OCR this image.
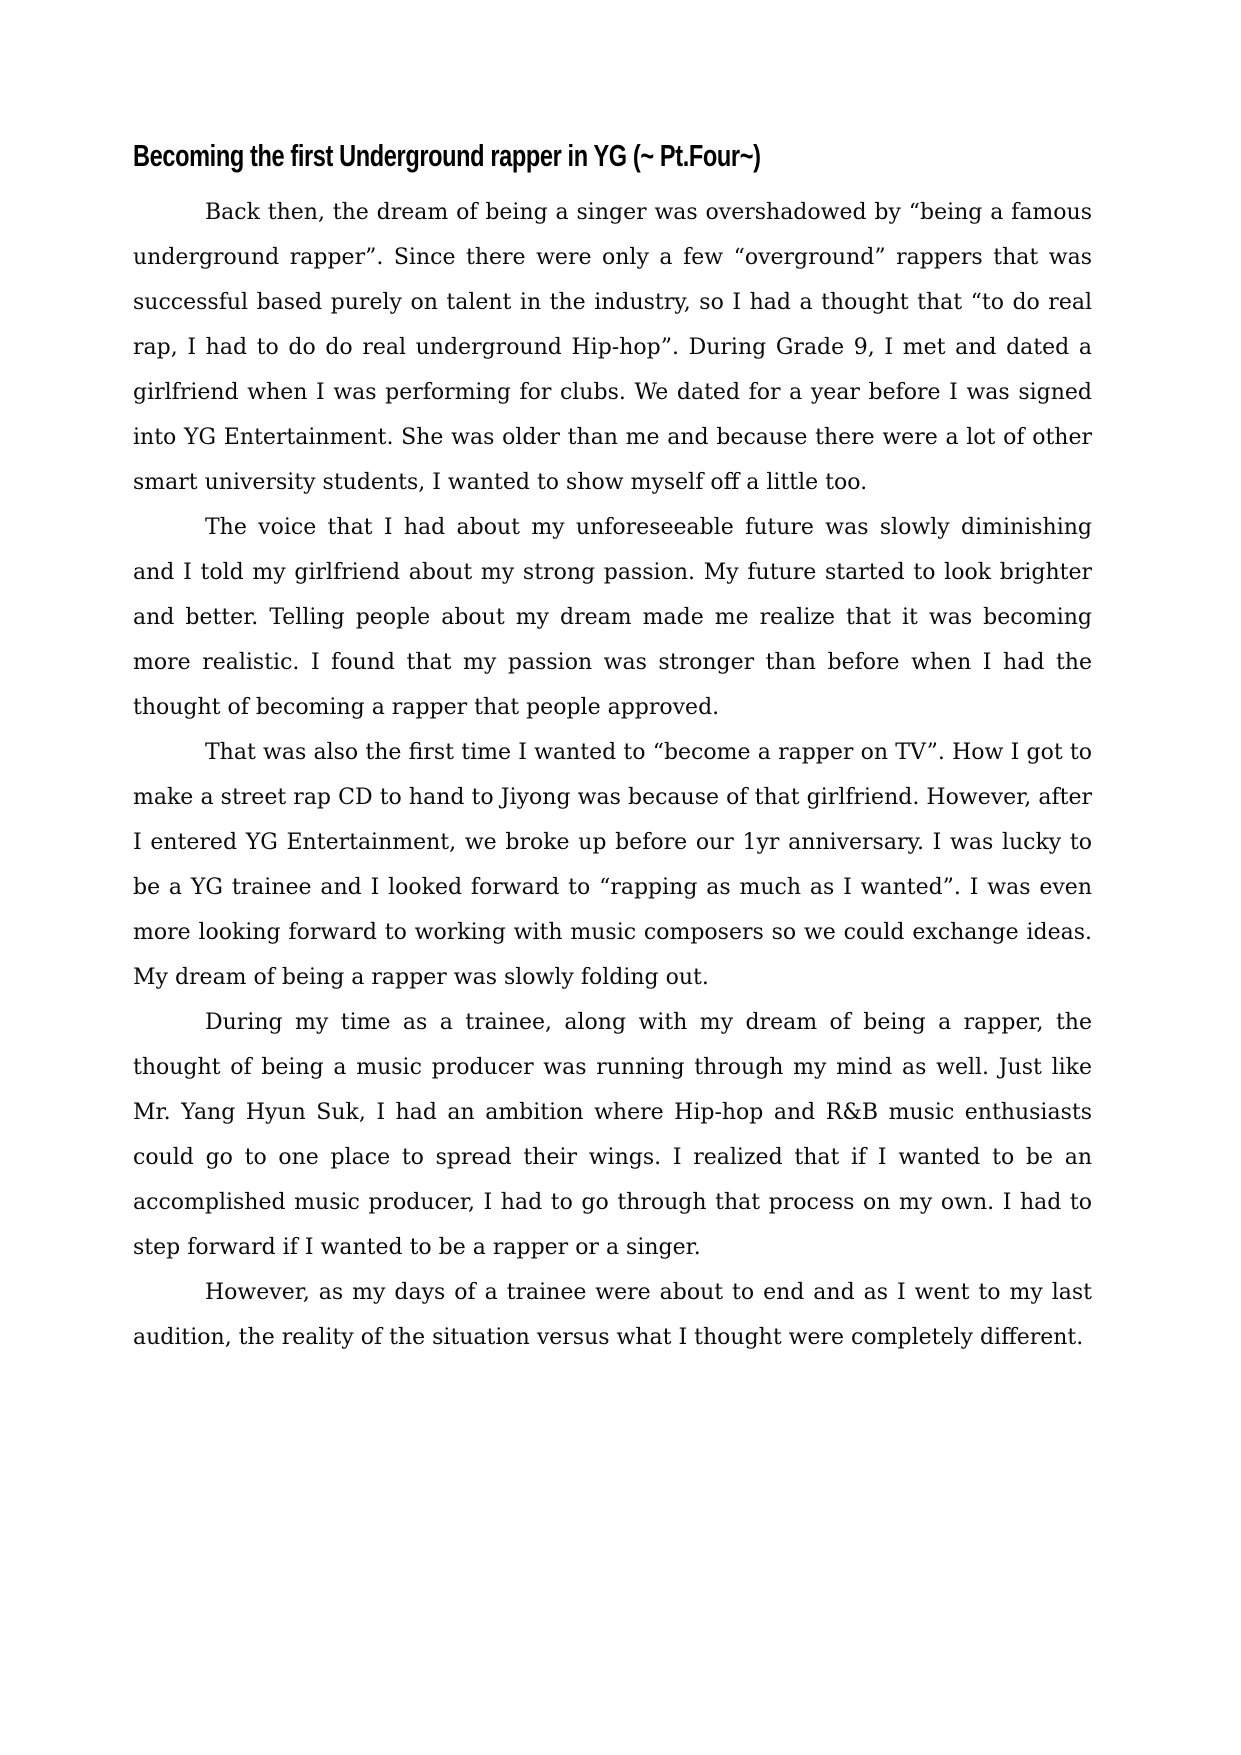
Becoming the first Underground rapper in YG (~ Pt.Four~)

Back then, the dream of being a singer was overshadowed by “being a famous underground rapper”. Since there were only a few “overground” rappers that was successful based purely on talent in the industry, so I had a thought that “to do real rap, I had to do do real underground Hip-hop”. During Grade 9, I met and dated a girlfriend when I was performing for clubs. We dated for a year before I was signed into YG Entertainment. She was older than me and because there were a lot of other smart university students, I wanted to show myself off a little too.

The voice that I had about my unforeseeable future was slowly diminishing and I told my girlfriend about my strong passion. My future started to look brighter and better. Telling people about my dream made me realize that it was becoming more realistic. I found that my passion was stronger than before when I had the thought of becoming a rapper that people approved.

That was also the first time I wanted to “become a rapper on TV”. How I got to make a street rap CD to hand to Jiyong was because of that girlfriend. However, after I entered YG Entertainment, we broke up before our 1yr anniversary. I was lucky to be a YG trainee and I looked forward to “rapping as much as I wanted”. I was even more looking forward to working with music composers so we could exchange ideas. My dream of being a rapper was slowly folding out.

During my time as a trainee, along with my dream of being a rapper, the thought of being a music producer was running through my mind as well. Just like Mr. Yang Hyun Suk, I had an ambition where Hip-hop and R&B music enthusiasts could go to one place to spread their wings. I realized that if I wanted to be an accomplished music producer, I had to go through that process on my own. I had to step forward if I wanted to be a rapper or a singer.

However, as my days of a trainee were about to end and as I went to my last audition, the reality of the situation versus what I thought were completely different.
